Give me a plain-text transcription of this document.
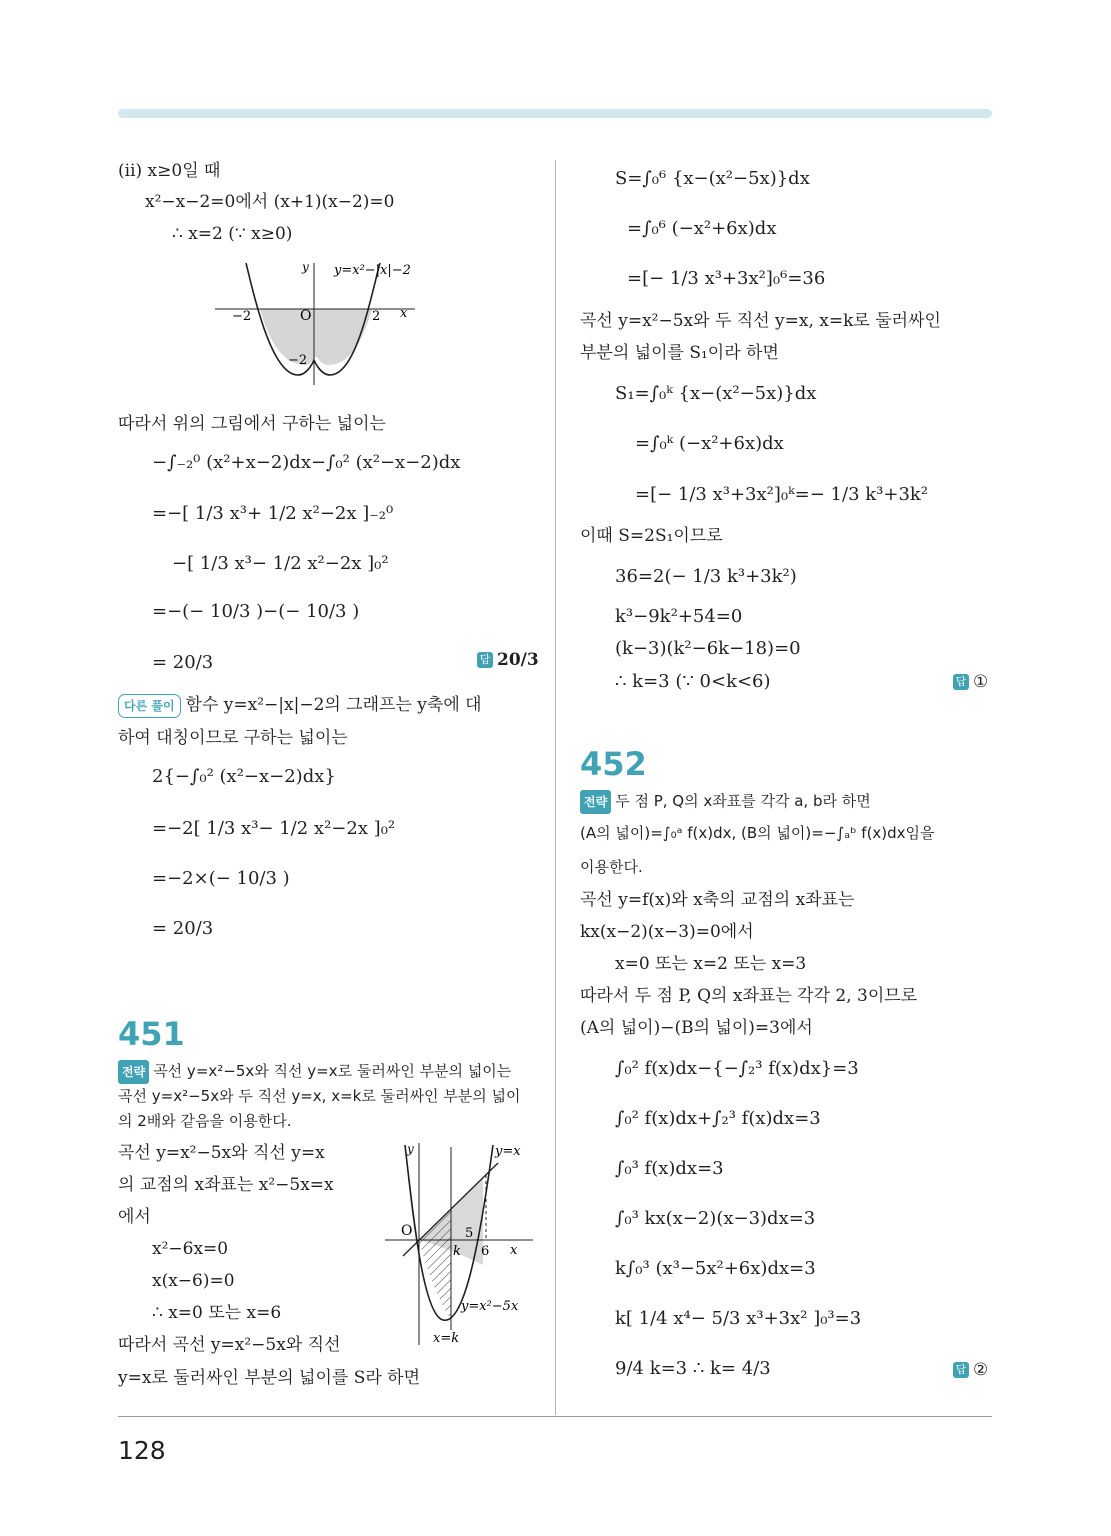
128
(ⅱ) x≥0일 때
x²−x−2=0에서 (x+1)(x−2)=0
∴ x=2 (∵ x≥0)
y y=x²−|x|−2
x
O
−2	2
−2
따라서 위의 그림에서 구하는 넓이는
−∫₋₂⁰ (x²+x−2)dx−∫₀² (x²−x−2)dx
=−[ 1/3 x³+ 1/2 x²−2x ]₋₂⁰
−[ 1/3 x³− 1/2 x²−2x ]₀²
=−(− 10/3 )−(− 10/3 )
= 20/3	답 20/3
다른 풀이 함수 y=x²−|x|−2의 그래프는 y축에 대
하여 대칭이므로 구하는 넓이는
2{−∫₀² (x²−x−2)dx}
=−2[ 1/3 x³− 1/2 x²−2x ]₀²
=−2×(− 10/3 )
= 20/3
451
전략 곡선 y=x²−5x와 직선 y=x로 둘러싸인 부분의 넓이는
곡선 y=x²−5x와 두 직선 y=x, x=k로 둘러싸인 부분의 넓이
의 2배와 같음을 이용한다.
곡선 y=x²−5x와 직선 y=x
의 교점의 x좌표는 x²−5x=x
에서
x²−6x=0
x(x−6)=0
∴ x=0 또는 x=6
따라서 곡선 y=x²−5x와 직선
y=x로 둘러싸인 부분의 넓이를 S라 하면
y	y=x
x
O	5
6
k
y=x²−5x
x=k
S=∫₀⁶ {x−(x²−5x)}dx
=∫₀⁶ (−x²+6x)dx
=[− 1/3 x³+3x²]₀⁶=36
곡선 y=x²−5x와 두 직선 y=x, x=k로 둘러싸인
부분의 넓이를 S₁이라 하면
S₁=∫₀ᵏ {x−(x²−5x)}dx
=∫₀ᵏ (−x²+6x)dx
=[− 1/3 x³+3x²]₀ᵏ=− 1/3 k³+3k²
이때 S=2S₁이므로
36=2(− 1/3 k³+3k²)
k³−9k²+54=0
(k−3)(k²−6k−18)=0
∴ k=3 (∵ 0<k<6)	답 ①
452
전략 두 점 P, Q의 x좌표를 각각 a, b라 하면
(A의 넓이)=∫₀ᵃ f(x)dx, (B의 넓이)=−∫ₐᵇ f(x)dx임을
이용한다.
곡선 y=f(x)와 x축의 교점의 x좌표는
kx(x−2)(x−3)=0에서
x=0 또는 x=2 또는 x=3
따라서 두 점 P, Q의 x좌표는 각각 2, 3이므로
(A의 넓이)−(B의 넓이)=3에서
∫₀² f(x)dx−{−∫₂³ f(x)dx}=3
∫₀² f(x)dx+∫₂³ f(x)dx=3
∫₀³ f(x)dx=3
∫₀³ kx(x−2)(x−3)dx=3
k∫₀³ (x³−5x²+6x)dx=3
k[ 1/4 x⁴− 5/3 x³+3x² ]₀³=3
9/4 k=3 ∴ k= 4/3	답 ②
